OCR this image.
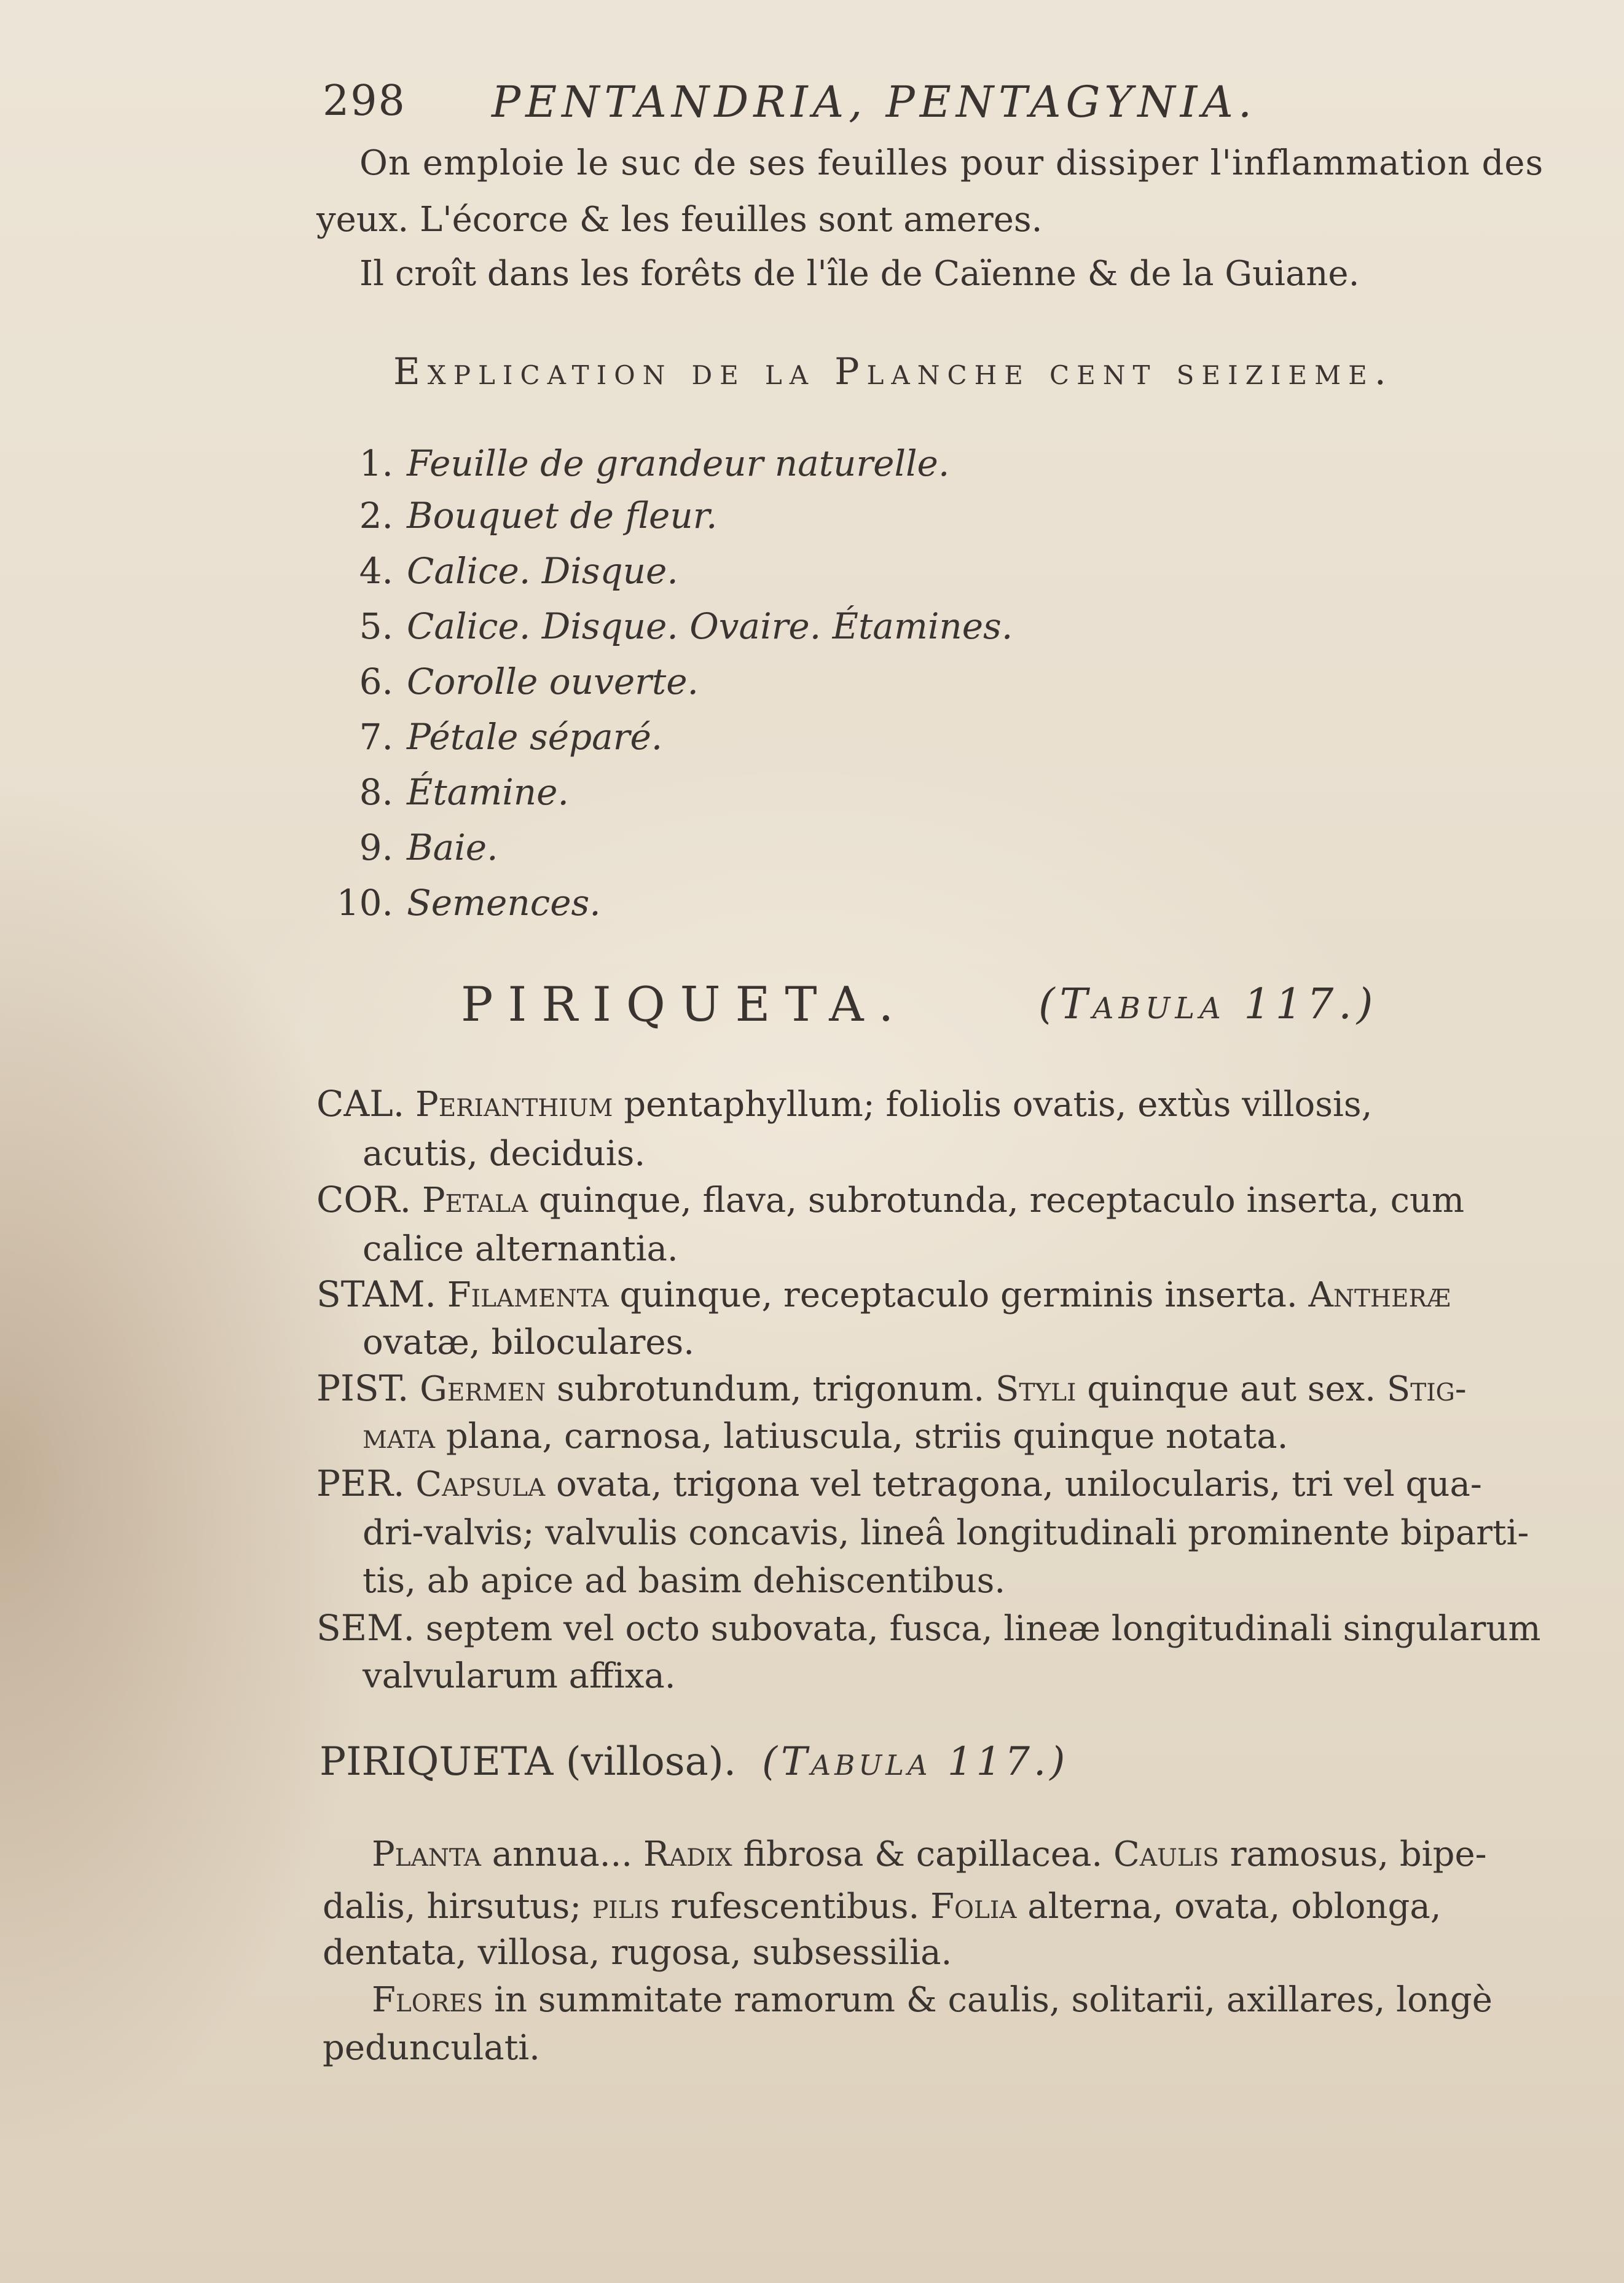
298 PENTANDRIA, PENTAGYNIA.
On emploie le suc de ses feuilles pour dissiper l'inflammation des
yeux. L'écorce & les feuilles sont ameres.
Il croît dans les forêts de l'île de Caïenne & de la Guiane.
Explication de la Planche cent seizieme.
1. Feuille de grandeur naturelle.
2. Bouquet de fleur.
4. Calice. Disque.
5. Calice. Disque. Ovaire. Étamines.
6. Corolle ouverte.
7. Pétale séparé.
8. Étamine.
9. Baie.
10. Semences.
PIRIQUETA.	(Tabula 117.)
CAL. Perianthium pentaphyllum; foliolis ovatis, extùs villosis,
acutis, deciduis.
COR. Petala quinque, flava, subrotunda, receptaculo inserta, cum
calice alternantia.
STAM. Filamenta quinque, receptaculo germinis inserta. Antheræ
ovatæ, biloculares.
PIST. Germen subrotundum, trigonum. Styli quinque aut sex. Stig-
mata plana, carnosa, latiuscula, striis quinque notata.
PER. Capsula ovata, trigona vel tetragona, unilocularis, tri vel qua-
dri-valvis; valvulis concavis, lineâ longitudinali prominente biparti-
tis, ab apice ad basim dehiscentibus.
SEM. septem vel octo subovata, fusca, lineæ longitudinali singularum
valvularum affixa.
PIRIQUETA (villosa). (Tabula 117.)
Planta annua... Radix fibrosa & capillacea. Caulis ramosus, bipe-
dalis, hirsutus; pilis rufescentibus. Folia alterna, ovata, oblonga,
dentata, villosa, rugosa, subsessilia.
Flores in summitate ramorum & caulis, solitarii, axillares, longè
pedunculati.
